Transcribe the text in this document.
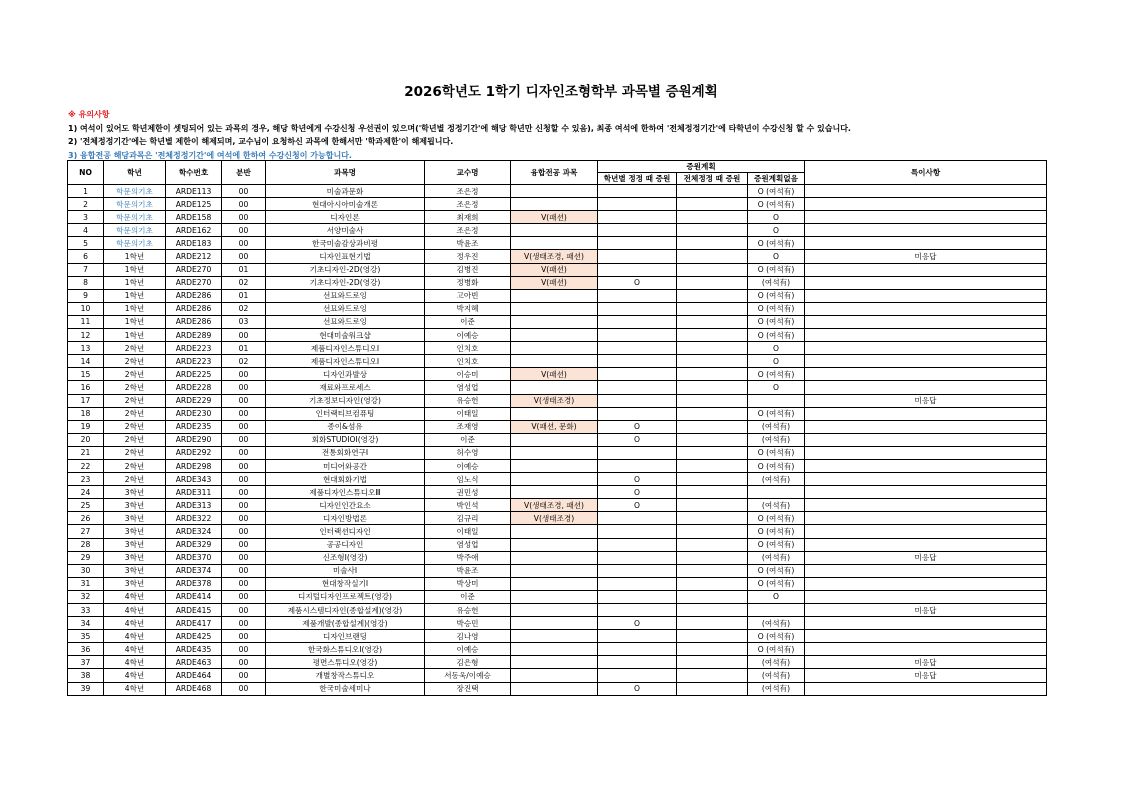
2026학년도 1학기 디자인조형학부 과목별 증원계획
※ 유의사항
1) 여석이 있어도 학년제한이 셋팅되어 있는 과목의 경우, 해당 학년에게 수강신청 우선권이 있으며('학년별 정정기간'에 해당 학년만 신청할 수 있음), 최종 여석에 한하여 '전체정정기간'에 타학년이 수강신청 할 수 있습니다.
2) '전체정정기간'에는 학년별 제한이 해제되며, 교수님이 요청하신 과목에 한해서만 '학과제한'이 해제됩니다.
3) 융합전공 해당과목은 '전체정정기간'에 여석에 한하여 수강신청이 가능합니다.
NO	학년	학수번호	분반	과목명	교수명	융합전공 과목	증원계획			특이사항
							학년별 정정 때 증원	전체정정 때 증원	증원계획없음	
1	학문의기초	ARDE113	00	미술과문화	조은정				O (여석有)	
2	학문의기초	ARDE125	00	현대아시아미술개론	조은정				O (여석有)	
3	학문의기초	ARDE158	00	디자인론	최재희	V(패션)			O	
4	학문의기초	ARDE162	00	서양미술사	조은정				O	
5	학문의기초	ARDE183	00	한국미술감상과비평	박윤조				O (여석有)	
6	1학년	ARDE212	00	디자인표현기법	정우진	V(생태조경, 패션)			O	미응답
7	1학년	ARDE270	01	기초디자인-2D(영강)	김병진	V(패션)			O (여석有)	
8	1학년	ARDE270	02	기초디자인-2D(영강)	정병화	V(패션)	O		(여석有)	
9	1학년	ARDE286	01	선묘와드로잉	고아빈				O (여석有)	
10	1학년	ARDE286	02	선묘와드로잉	박지혜				O (여석有)	
11	1학년	ARDE286	03	선묘와드로잉	이준				O (여석有)	
12	1학년	ARDE289	00	현대미술워크샵	이예승				O (여석有)	
13	2학년	ARDE223	01	제품디자인스튜디오Ⅰ	인치호				O	
14	2학년	ARDE223	02	제품디자인스튜디오Ⅰ	인치호				O	
15	2학년	ARDE225	00	디자인과발상	이승미	V(패션)			O (여석有)	
16	2학년	ARDE228	00	재료와프로세스	염성업				O	
17	2학년	ARDE229	00	기초정보디자인(영강)	유승헌	V(생태조경)				미응답
18	2학년	ARDE230	00	인터랙티브컴퓨팅	이태일				O (여석有)	
19	2학년	ARDE235	00	종이&섬유	조재영	V(패션, 문화)	O		(여석有)	
20	2학년	ARDE290	00	회화STUDIOⅠ(영강)	이준		O		(여석有)	
21	2학년	ARDE292	00	전통회화연구Ⅰ	허수영				O (여석有)	
22	2학년	ARDE298	00	미디어와공간	이예승				O (여석有)	
23	2학년	ARDE343	00	현대회화기법	임노식		O		(여석有)	
24	3학년	ARDE311	00	제품디자인스튜디오Ⅲ	권민성		O			
25	3학년	ARDE313	00	디자인인간요소	박인석	V(생태조경, 패션)	O		(여석有)	
26	3학년	ARDE322	00	디자인방법론	김규리	V(생태조경)			O (여석有)	
27	3학년	ARDE324	00	인터랙션디자인	이태일				O (여석有)	
28	3학년	ARDE329	00	공공디자인	염성업				O (여석有)	
29	3학년	ARDE370	00	신조형I(영강)	박주애				(여석有)	미응답
30	3학년	ARDE374	00	미술사I	박윤조				O (여석有)	
31	3학년	ARDE378	00	현대창작실기I	박상미				O (여석有)	
32	4학년	ARDE414	00	디지털디자인프로젝트(영강)	이준				O	
33	4학년	ARDE415	00	제품시스템디자인(종합설계)(영강)	유승헌					미응답
34	4학년	ARDE417	00	제품개발(종합설계)(영강)	박승민		O		(여석有)	
35	4학년	ARDE425	00	디자인브랜딩	김나영				O (여석有)	
36	4학년	ARDE435	00	한국화스튜디오I(영강)	이예승				O (여석有)	
37	4학년	ARDE463	00	평면스튜디오(영강)	김은형				(여석有)	미응답
38	4학년	ARDE464	00	개별창작스튜디오	서동욱/이예승				(여석有)	미응답
39	4학년	ARDE468	00	한국미술세미나	장진택		O		(여석有)	
